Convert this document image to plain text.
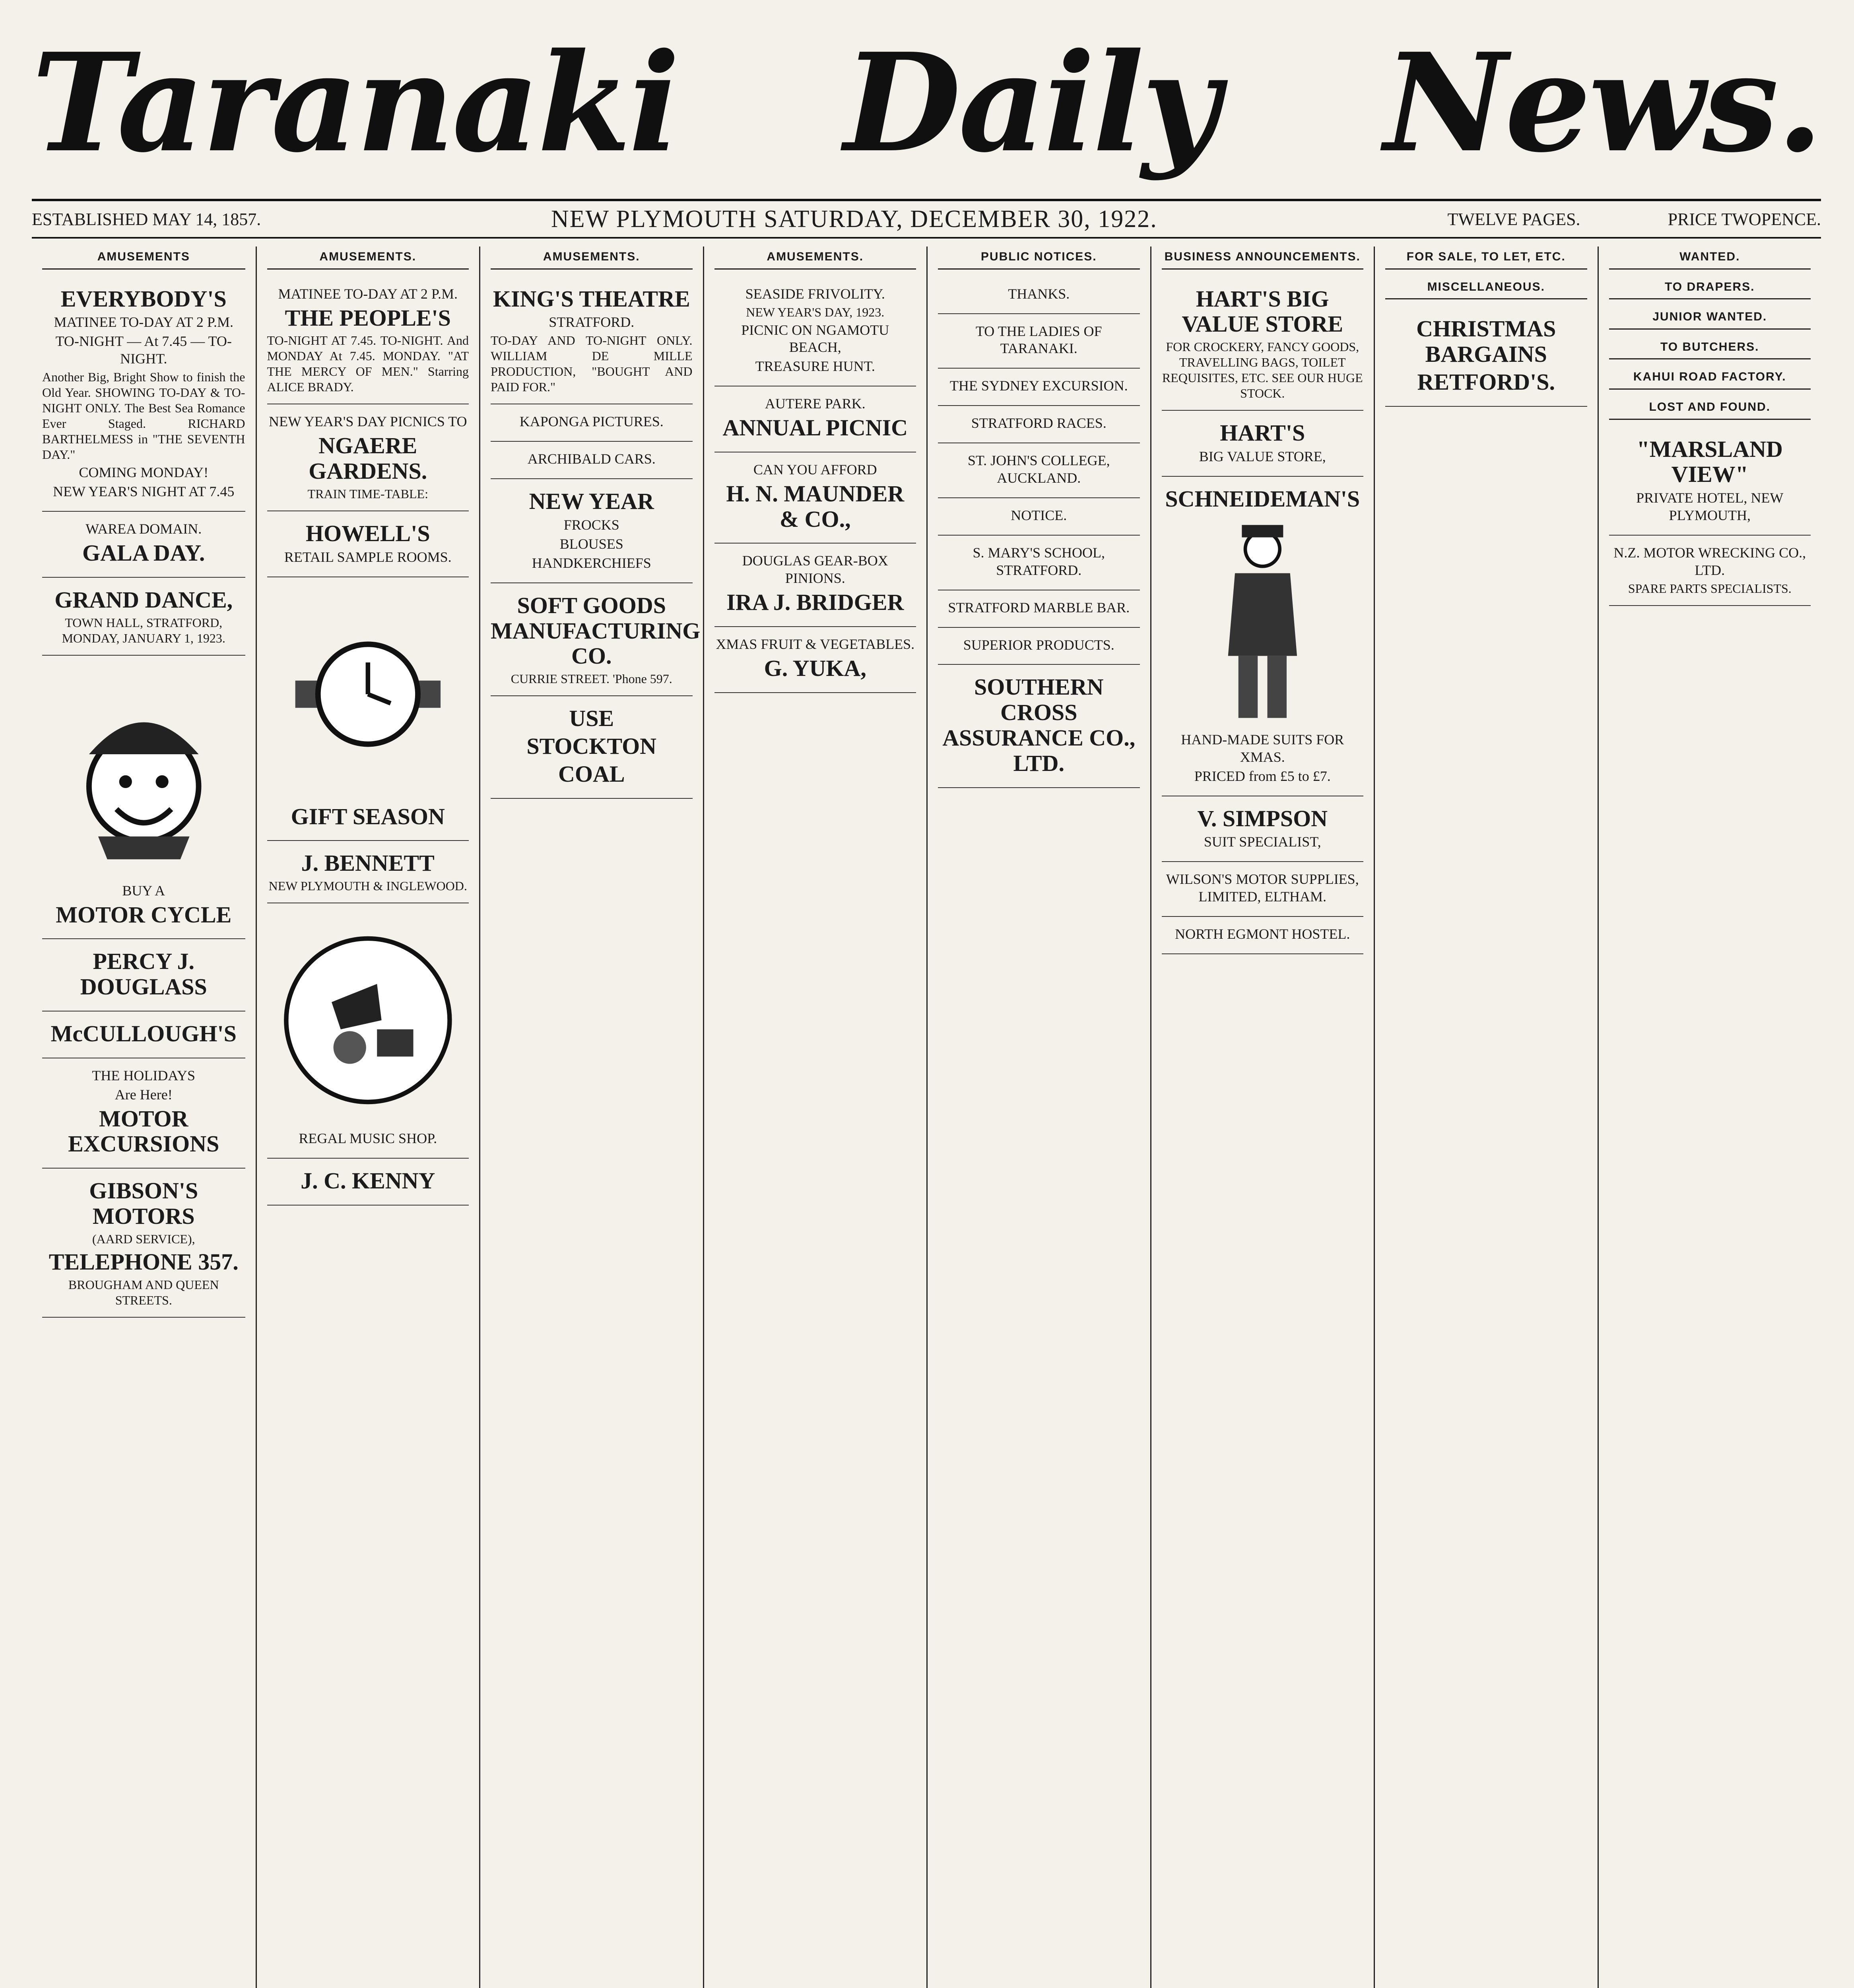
Taranaki Daily News.
ESTABLISHED MAY 14, 1857.	NEW PLYMOUTH SATURDAY, DECEMBER 30, 1922.	TWELVE PAGES.	PRICE TWOPENCE.
AMUSEMENTS
EVERYBODY'S
MATINEE TO-DAY AT 2 P.M.
TO-NIGHT — At 7.45 — TO-NIGHT.
Another Big, Bright Show to finish the Old Year. SHOWING TO-DAY & TO-NIGHT ONLY. The Best Sea Romance Ever Staged. RICHARD BARTHELMESS in "THE SEVENTH DAY."
COMING MONDAY!
NEW YEAR'S NIGHT AT 7.45
WAREA DOMAIN.
GALA DAY.
GRAND DANCE,
TOWN HALL, STRATFORD, MONDAY, JANUARY 1, 1923.
BUY A
MOTOR CYCLE
PERCY J. DOUGLASS
McCULLOUGH'S
THE HOLIDAYS
Are Here!
MOTOR EXCURSIONS
GIBSON'S MOTORS
(AARD SERVICE),
TELEPHONE 357.
BROUGHAM AND QUEEN STREETS.
AMUSEMENTS.
MATINEE TO-DAY AT 2 P.M.
THE PEOPLE'S
TO-NIGHT AT 7.45. TO-NIGHT. And MONDAY At 7.45. MONDAY. "AT THE MERCY OF MEN." Starring ALICE BRADY.
NEW YEAR'S DAY PICNICS TO
NGAERE GARDENS.
TRAIN TIME-TABLE:
HOWELL'S
RETAIL SAMPLE ROOMS.
GIFT SEASON
J. BENNETT
NEW PLYMOUTH & INGLEWOOD.
REGAL MUSIC SHOP.
J. C. KENNY
AMUSEMENTS.
KING'S THEATRE
STRATFORD.
TO-DAY AND TO-NIGHT ONLY. WILLIAM DE MILLE PRODUCTION, "BOUGHT AND PAID FOR."
KAPONGA PICTURES.
ARCHIBALD CARS.
NEW YEAR
FROCKS
BLOUSES
HANDKERCHIEFS
SOFT GOODS MANUFACTURING CO.
CURRIE STREET. 'Phone 597.
USE
STOCKTON
COAL
AMUSEMENTS.
SEASIDE FRIVOLITY.
NEW YEAR'S DAY, 1923.
PICNIC ON NGAMOTU BEACH,
TREASURE HUNT.
AUTERE PARK.
ANNUAL PICNIC
CAN YOU AFFORD
H. N. MAUNDER & CO.,
DOUGLAS GEAR-BOX PINIONS.
IRA J. BRIDGER
XMAS FRUIT & VEGETABLES.
G. YUKA,
PUBLIC NOTICES.
THANKS.
TO THE LADIES OF TARANAKI.
THE SYDNEY EXCURSION.
STRATFORD RACES.
ST. JOHN'S COLLEGE, AUCKLAND.
NOTICE.
S. MARY'S SCHOOL, STRATFORD.
STRATFORD MARBLE BAR.
SUPERIOR PRODUCTS.
SOUTHERN CROSS ASSURANCE CO., LTD.
BUSINESS ANNOUNCEMENTS.
HART'S BIG VALUE STORE
FOR CROCKERY, FANCY GOODS, TRAVELLING BAGS, TOILET REQUISITES, ETC. SEE OUR HUGE STOCK.
HART'S
BIG VALUE STORE,
SCHNEIDEMAN'S
HAND-MADE SUITS FOR XMAS.
PRICED from £5 to £7.
V. SIMPSON
SUIT SPECIALIST,
WILSON'S MOTOR SUPPLIES, LIMITED, ELTHAM.
NORTH EGMONT HOSTEL.
FOR SALE, TO LET, ETC.
MISCELLANEOUS.
CHRISTMAS BARGAINS
RETFORD'S.
WANTED.
TO DRAPERS.
JUNIOR WANTED.
TO BUTCHERS.
KAHUI ROAD FACTORY.
LOST AND FOUND.
"MARSLAND VIEW"
PRIVATE HOTEL, NEW PLYMOUTH,
N.Z. MOTOR WRECKING CO., LTD.
SPARE PARTS SPECIALISTS.
